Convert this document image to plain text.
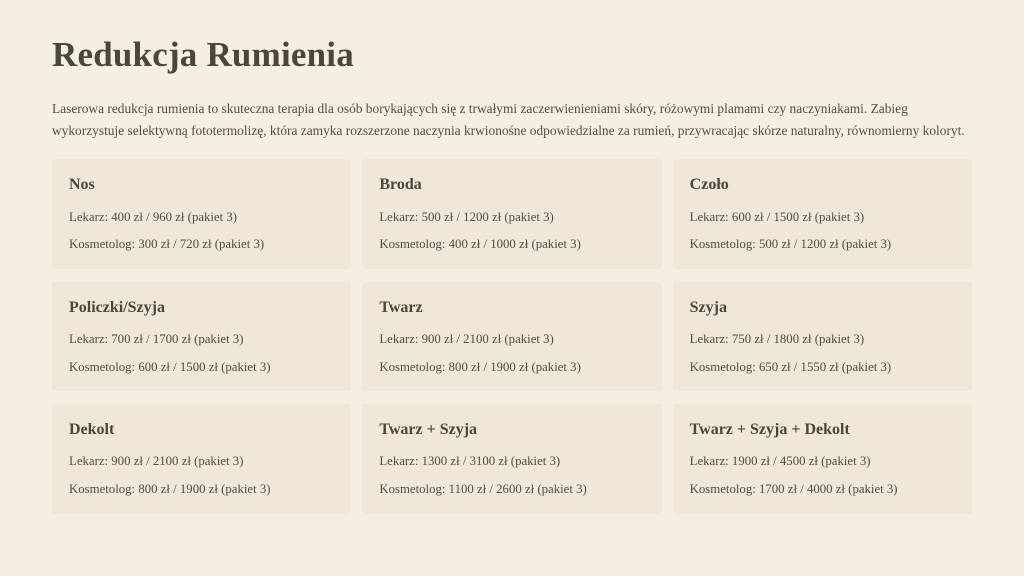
Redukcja Rumienia

Laserowa redukcja rumienia to skuteczna terapia dla osób borykających się z trwałymi zaczerwienieniami skóry, różowymi plamami czy naczyniakami. Zabieg wykorzystuje selektywną fototermolizę, która zamyka rozszerzone naczynia krwionośne odpowiedzialne za rumień, przywracając skórze naturalny, równomierny koloryt.

Nos
Lekarz: 400 zł / 960 zł (pakiet 3)
Kosmetolog: 300 zł / 720 zł (pakiet 3)
Broda
Lekarz: 500 zł / 1200 zł (pakiet 3)
Kosmetolog: 400 zł / 1000 zł (pakiet 3)
Czoło
Lekarz: 600 zł / 1500 zł (pakiet 3)
Kosmetolog: 500 zł / 1200 zł (pakiet 3)
Policzki/Szyja
Lekarz: 700 zł / 1700 zł (pakiet 3)
Kosmetolog: 600 zł / 1500 zł (pakiet 3)
Twarz
Lekarz: 900 zł / 2100 zł (pakiet 3)
Kosmetolog: 800 zł / 1900 zł (pakiet 3)
Szyja
Lekarz: 750 zł / 1800 zł (pakiet 3)
Kosmetolog: 650 zł / 1550 zł (pakiet 3)
Dekolt
Lekarz: 900 zł / 2100 zł (pakiet 3)
Kosmetolog: 800 zł / 1900 zł (pakiet 3)
Twarz + Szyja
Lekarz: 1300 zł / 3100 zł (pakiet 3)
Kosmetolog: 1100 zł / 2600 zł (pakiet 3)
Twarz + Szyja + Dekolt
Lekarz: 1900 zł / 4500 zł (pakiet 3)
Kosmetolog: 1700 zł / 4000 zł (pakiet 3)
